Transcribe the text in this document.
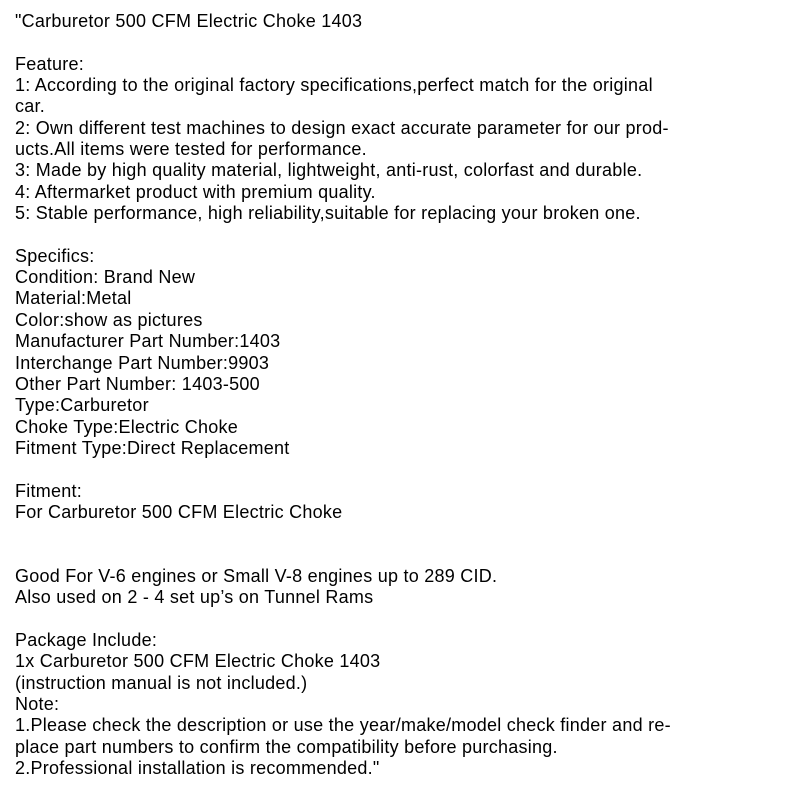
"Carburetor 500 CFM Electric Choke 1403
Feature:
1: According to the original factory specifications,perfect match for the original
car.
2: Own different test machines to design exact accurate parameter for our prod-
ucts.All items were tested for performance.
3: Made by high quality material, lightweight, anti-rust, colorfast and durable.
4: Aftermarket product with premium quality.
5: Stable performance, high reliability,suitable for replacing your broken one.
Specifics:
Condition: Brand New
Material:Metal
Color:show as pictures
Manufacturer Part Number:1403
Interchange Part Number:9903
Other Part Number: 1403-500
Type:Carburetor
Choke Type:Electric Choke
Fitment Type:Direct Replacement
Fitment:
For Carburetor 500 CFM Electric Choke
Good For V-6 engines or Small V-8 engines up to 289 CID.
Also used on 2 - 4 set up’s on Tunnel Rams
Package Include:
1x Carburetor 500 CFM Electric Choke 1403
(instruction manual is not included.)
Note:
1.Please check the description or use the year/make/model check finder and re-
place part numbers to confirm the compatibility before purchasing.
2.Professional installation is recommended."
